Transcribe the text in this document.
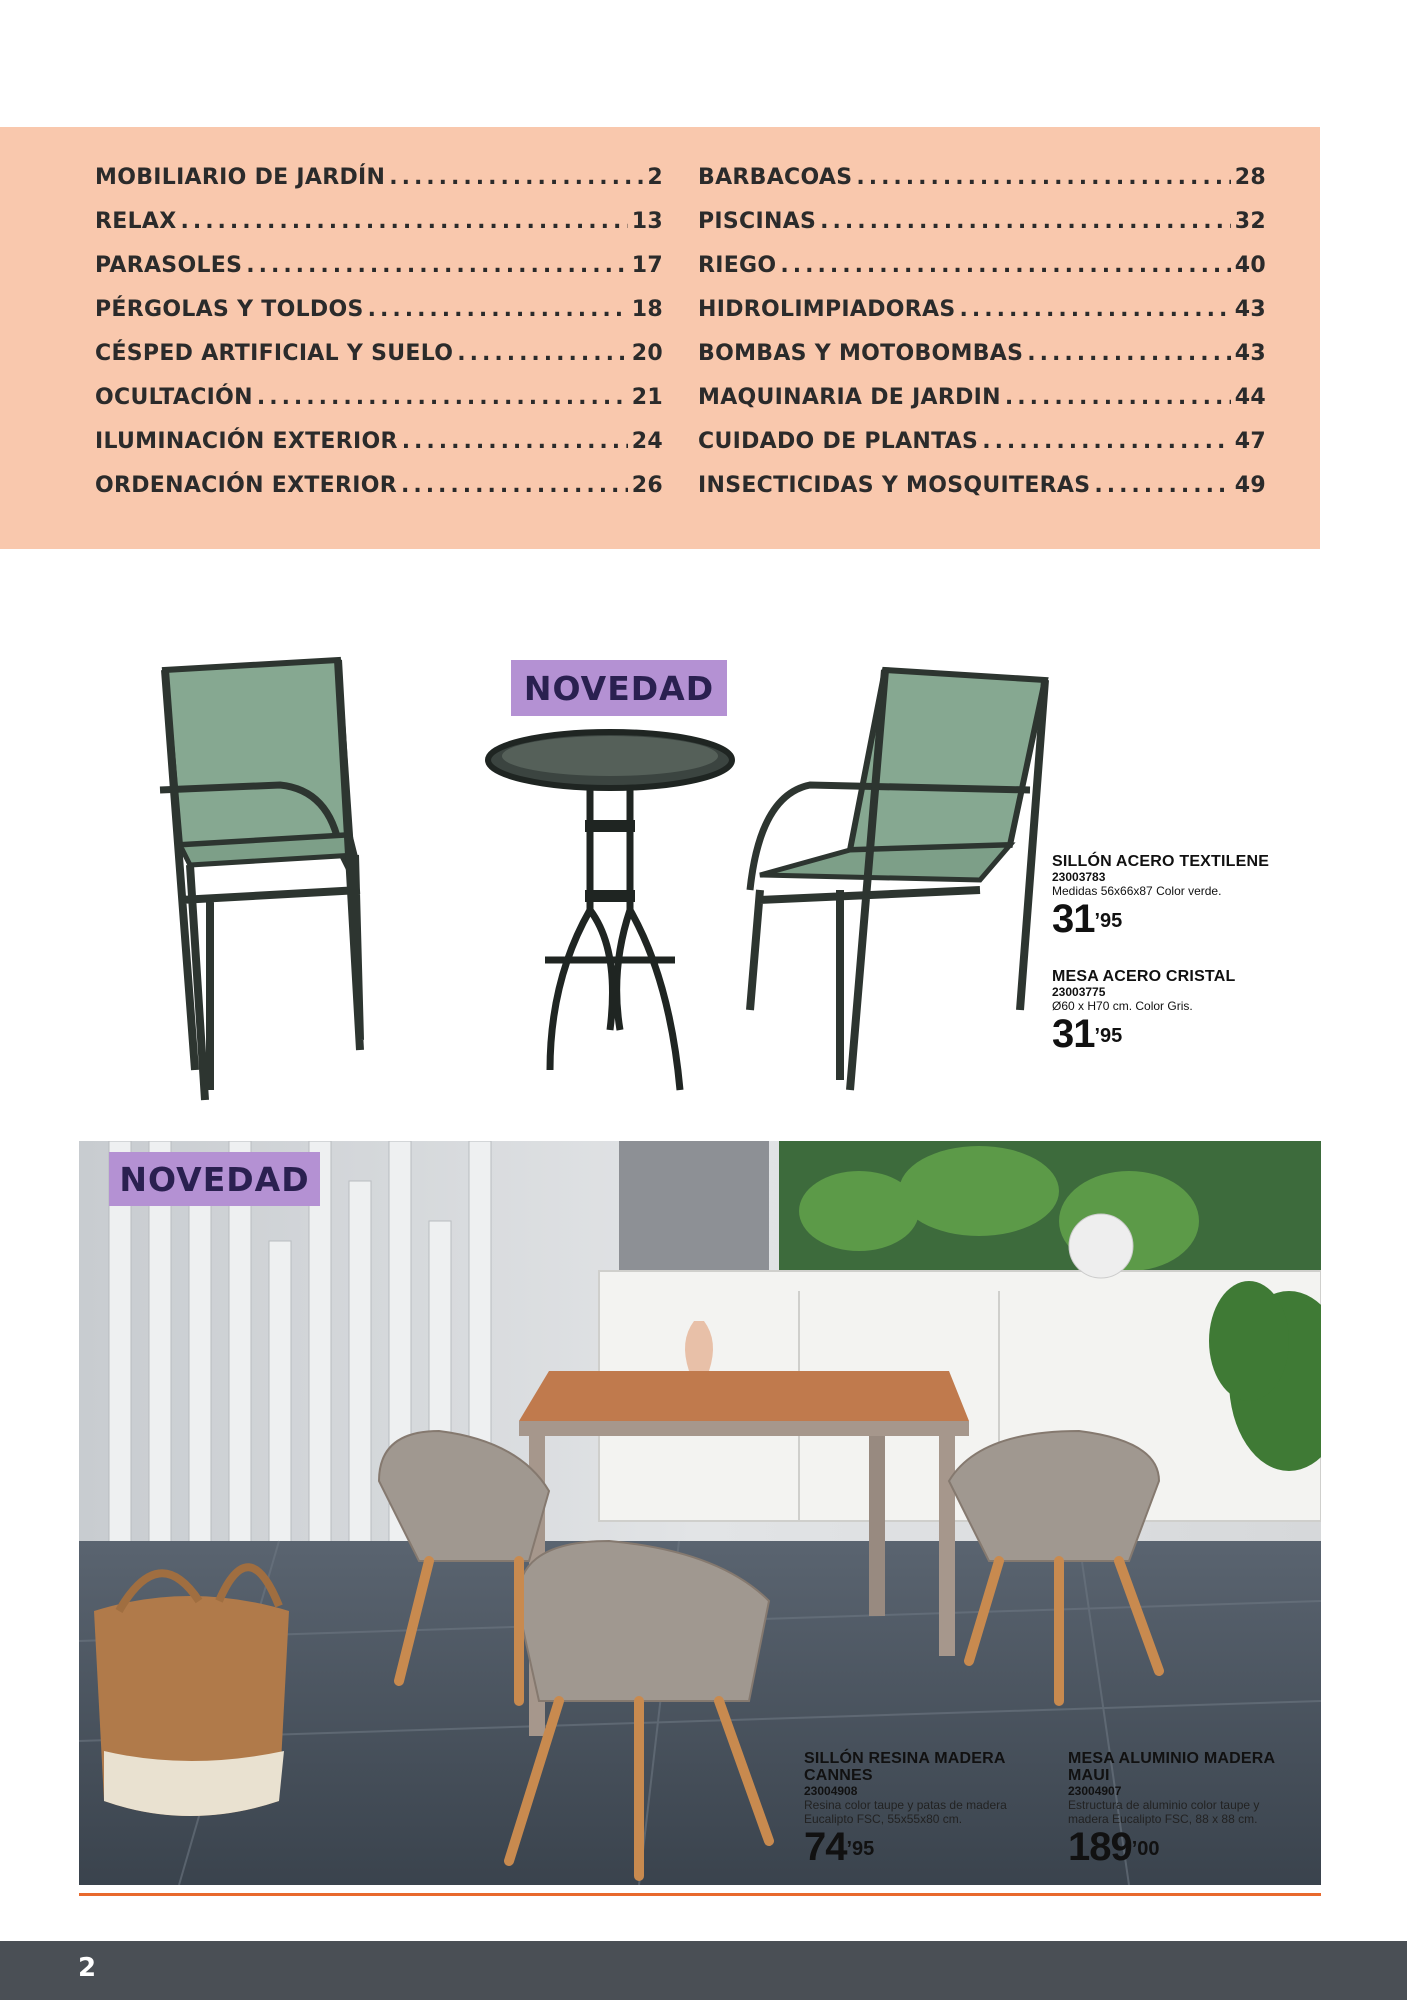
MOBILIARIO DE JARDÍN .....	2
RELAX .....	13
PARASOLES .....	17
PÉRGOLAS Y TOLDOS .....	18
CÉSPED ARTIFICIAL Y SUELO .....	20
OCULTACIÓN .....	21
ILUMINACIÓN EXTERIOR .....	24
ORDENACIÓN EXTERIOR .....	26
BARBACOAS .....	28
PISCINAS .....	32
RIEGO .....	40
HIDROLIMPIADORAS .....	43
BOMBAS Y MOTOBOMBAS .....	43
MAQUINARIA DE JARDIN .....	44
CUIDADO DE PLANTAS .....	47
INSECTICIDAS Y MOSQUITERAS .....	49
NOVEDAD
SILLÓN ACERO TEXTILENE
23003783
Medidas 56x66x87 Color verde.
$31^{’95}$
MESA ACERO CRISTAL
23003775
Ø60 x H70 cm. Color Gris.
$31^{’95}$
NOVEDAD
SILLÓN RESINA MADERA CANNES
23004908
Resina color taupe y patas de madera Eucalipto FSC, 55x55x80 cm.
$74^{’95}$
MESA ALUMINIO MADERA MAUI
23004907
Estructura de aluminio color taupe y madera Eucalipto FSC, 88 x 88 cm.
$189^{’00}$
2
